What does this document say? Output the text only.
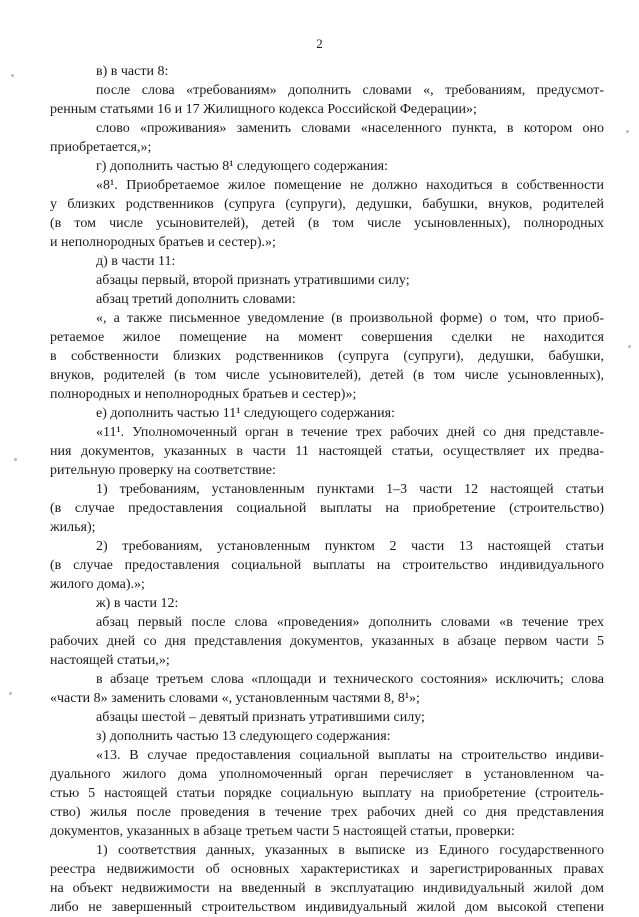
2
в) в части 8:
после слова «требованиям» дополнить словами «, требованиям, предусмот-
ренным статьями 16 и 17 Жилищного кодекса Российской Федерации»;
слово «проживания» заменить словами «населенного пункта, в котором оно
приобретается,»;
г) дополнить частью 8¹ следующего содержания:
«8¹. Приобретаемое жилое помещение не должно находиться в собственности
у близких родственников (супруга (супруги), дедушки, бабушки, внуков, родителей
(в том числе усыновителей), детей (в том числе усыновленных), полнородных
и неполнородных братьев и сестер).»;
д) в части 11:
абзацы первый, второй признать утратившими силу;
абзац третий дополнить словами:
«, а также письменное уведомление (в произвольной форме) о том, что приоб-
ретаемое жилое помещение на момент совершения сделки не находится
в собственности близких родственников (супруга (супруги), дедушки, бабушки,
внуков, родителей (в том числе усыновителей), детей (в том числе усыновленных),
полнородных и неполнородных братьев и сестер)»;
е) дополнить частью 11¹ следующего содержания:
«11¹. Уполномоченный орган в течение трех рабочих дней со дня представле-
ния документов, указанных в части 11 настоящей статьи, осуществляет их предва-
рительную проверку на соответствие:
1) требованиям, установленным пунктами 1–3 части 12 настоящей статьи
(в случае предоставления социальной выплаты на приобретение (строительство)
жилья);
2) требованиям, установленным пунктом 2 части 13 настоящей статьи
(в случае предоставления социальной выплаты на строительство индивидуального
жилого дома).»;
ж) в части 12:
абзац первый после слова «проведения» дополнить словами «в течение трех
рабочих дней со дня представления документов, указанных в абзаце первом части 5
настоящей статьи,»;
в абзаце третьем слова «площади и технического состояния» исключить; слова
«части 8» заменить словами «, установленным частями 8, 8¹»;
абзацы шестой – девятый признать утратившими силу;
з) дополнить частью 13 следующего содержания:
«13. В случае предоставления социальной выплаты на строительство индиви-
дуального жилого дома уполномоченный орган перечисляет в установленном ча-
стью 5 настоящей статьи порядке социальную выплату на приобретение (строитель-
ство) жилья после проведения в течение трех рабочих дней со дня представления
документов, указанных в абзаце третьем части 5 настоящей статьи, проверки:
1) соответствия данных, указанных в выписке из Единого государственного
реестра недвижимости об основных характеристиках и зарегистрированных правах
на объект недвижимости на введенный в эксплуатацию индивидуальный жилой дом
либо не завершенный строительством индивидуальный жилой дом высокой степени
